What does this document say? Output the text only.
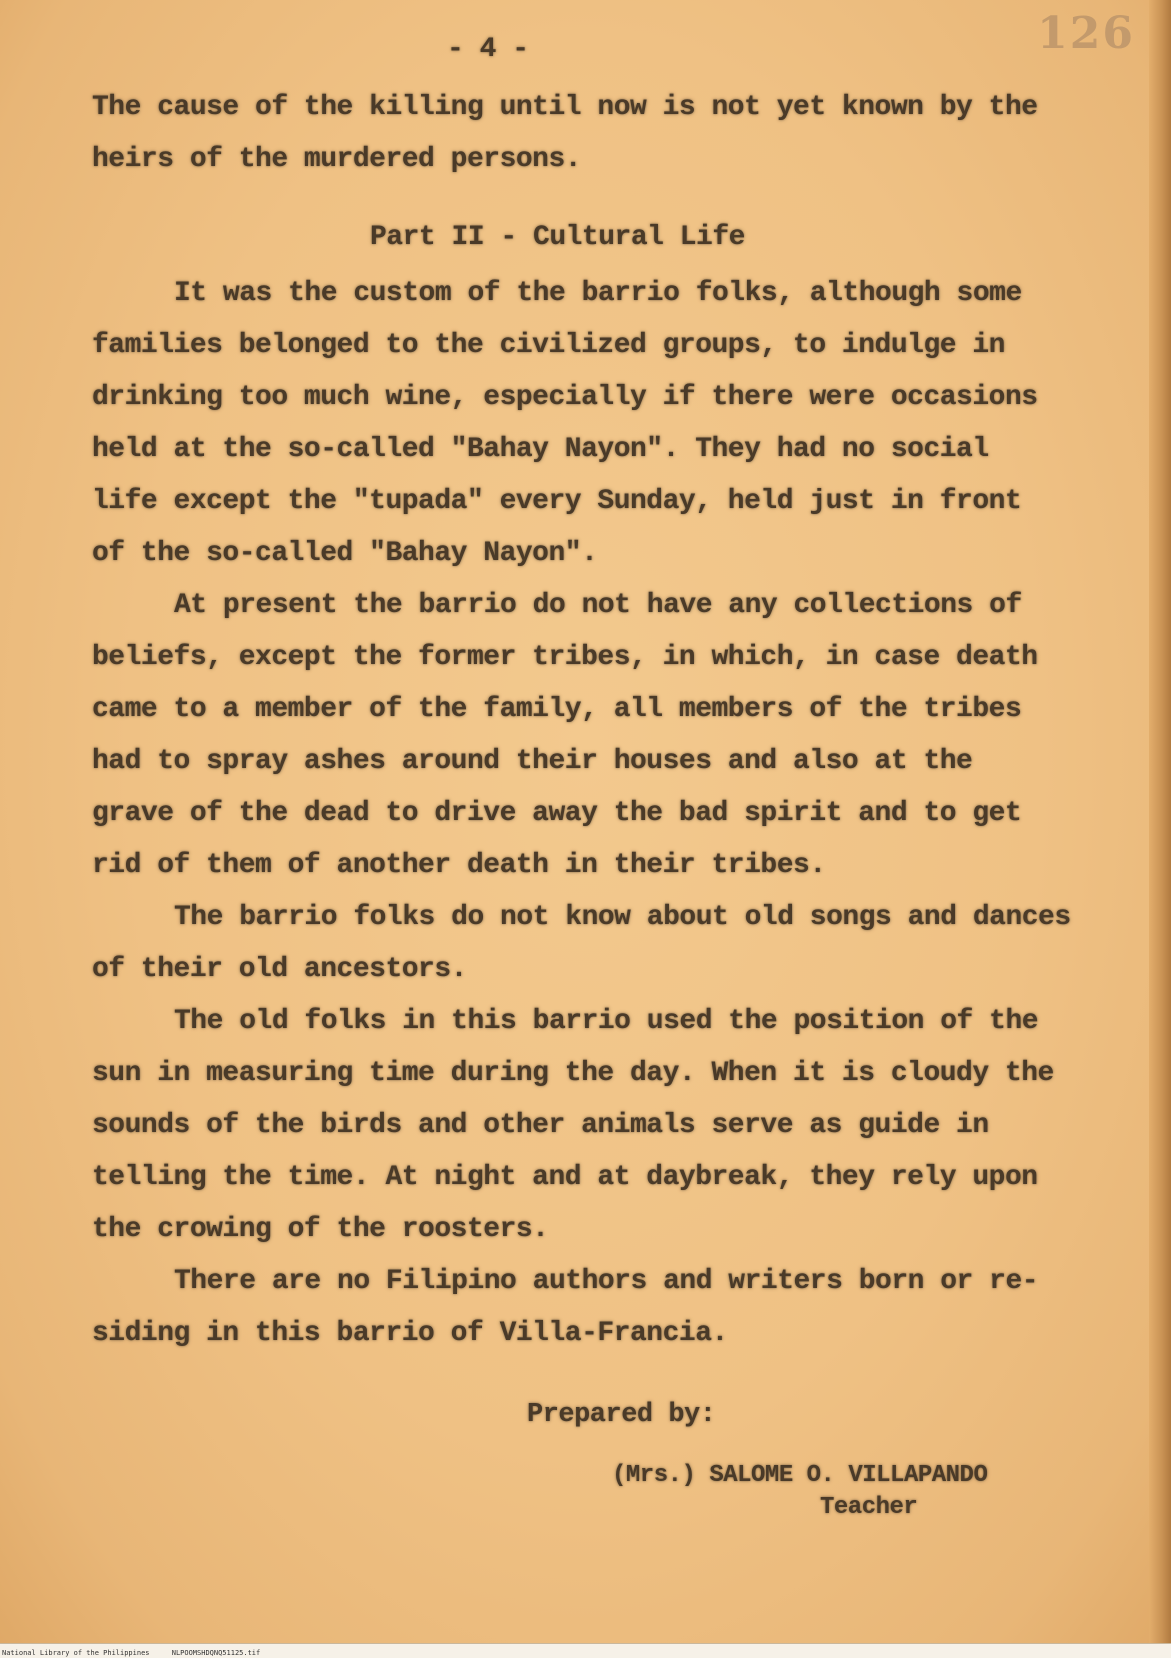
126
- 4 -
The cause of the killing until now is not yet known by the
heirs of the murdered persons.
Part II - Cultural Life
It was the custom of the barrio folks, although some
families belonged to the civilized groups, to indulge in
drinking too much wine, especially if there were occasions
held at the so-called "Bahay Nayon". They had no social
life except the "tupada" every Sunday, held just in front
of the so-called "Bahay Nayon".
At present the barrio do not have any collections of
beliefs, except the former tribes, in which, in case death
came to a member of the family, all members of the tribes
had to spray ashes around their houses and also at the
grave of the dead to drive away the bad spirit and to get
rid of them of another death in their tribes.
The barrio folks do not know about old songs and dances
of their old ancestors.
The old folks in this barrio used the position of the
sun in measuring time during the day. When it is cloudy the
sounds of the birds and other animals serve as guide in
telling the time. At night and at daybreak, they rely upon
the crowing of the roosters.
There are no Filipino authors and writers born or re-
siding in this barrio of Villa-Francia.
Prepared by:
(Mrs.) SALOME O. VILLAPANDO
Teacher
National Library of the Philippines	NLPOOMSHDQNQ51125.tif
